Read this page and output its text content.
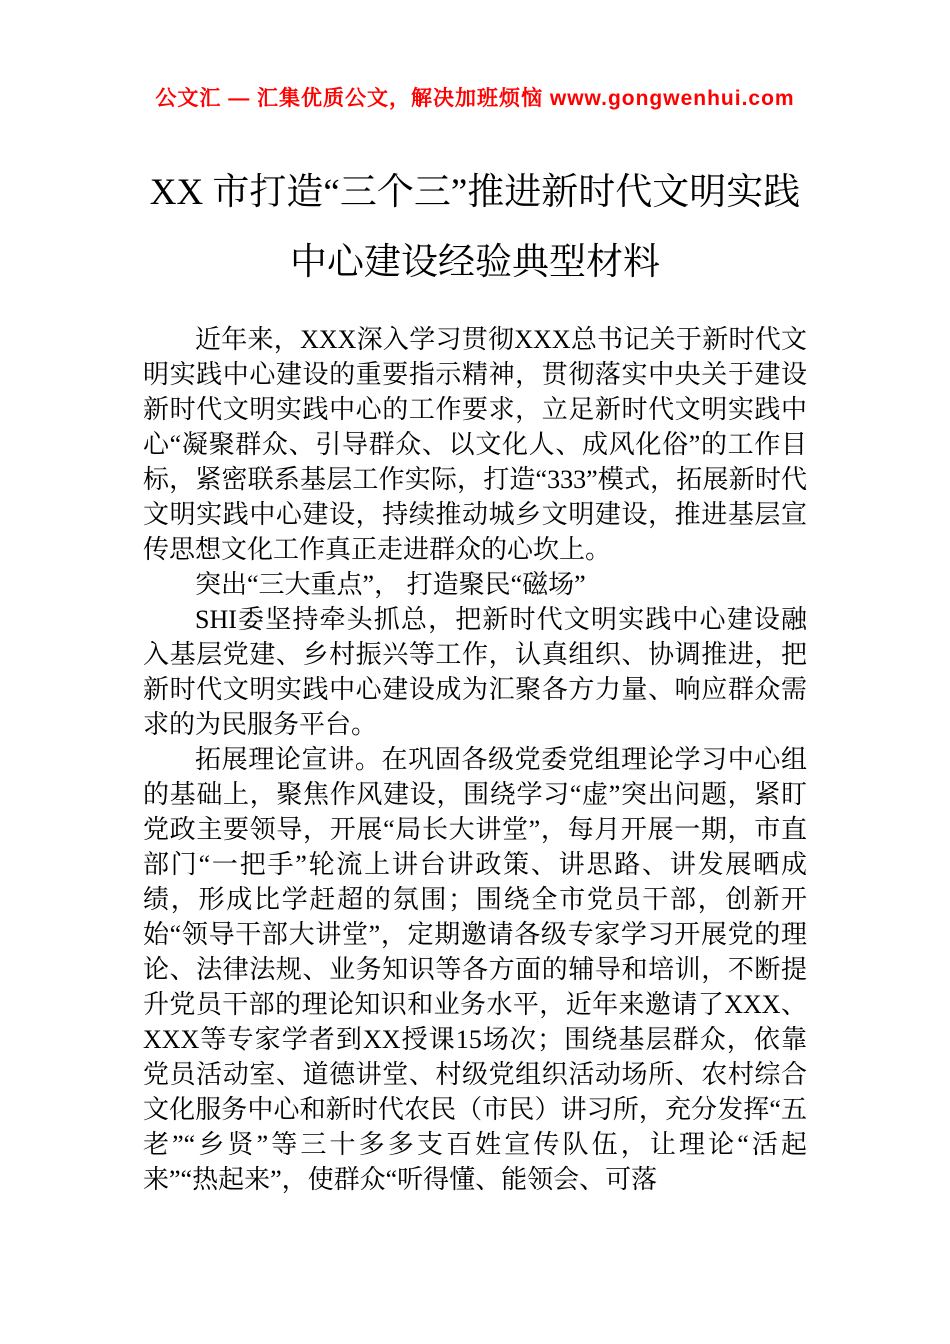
公文汇 — 汇集优质公文，解决加班烦恼 www.gongwenhui.com
XX 市打造“三个三”推进新时代文明实践
中心建设经验典型材料

近年来，XXX深入学习贯彻XXX总书记关于新时代文明实践中心建设的重要指示精神，贯彻落实中央关于建设新时代文明实践中心的工作要求，立足新时代文明实践中心“凝聚群众、引导群众、以文化人、成风化俗”的工作目标，紧密联系基层工作实际，打造“333”模式，拓展新时代文明实践中心建设，持续推动城乡文明建设，推进基层宣传思想文化工作真正走进群众的心坎上。

突出“三大重点”， 打造聚民“磁场”

SHI委坚持牵头抓总，把新时代文明实践中心建设融入基层党建、乡村振兴等工作，认真组织、协调推进，把新时代文明实践中心建设成为汇聚各方力量、响应群众需求的为民服务平台。

拓展理论宣讲。在巩固各级党委党组理论学习中心组的基础上，聚焦作风建设，围绕学习“虚”突出问题，紧盯党政主要领导，开展“局长大讲堂”，每月开展一期，市直部门“一把手”轮流上讲台讲政策、讲思路、讲发展晒成绩，形成比学赶超的氛围；围绕全市党员干部，创新开始“领导干部大讲堂”，定期邀请各级专家学习开展党的理论、法律法规、业务知识等各方面的辅导和培训，不断提升党员干部的理论知识和业务水平，近年来邀请了XXX、XXX等专家学者到XX授课15场次；围绕基层群众，依靠党员活动室、道德讲堂、村级党组织活动场所、农村综合文化服务中心和新时代农民（市民）讲习所，充分发挥“五老”“乡贤”等三十多多支百姓宣传队伍，让理论“活起来”“热起来”，使群众“听得懂、能领会、可落
